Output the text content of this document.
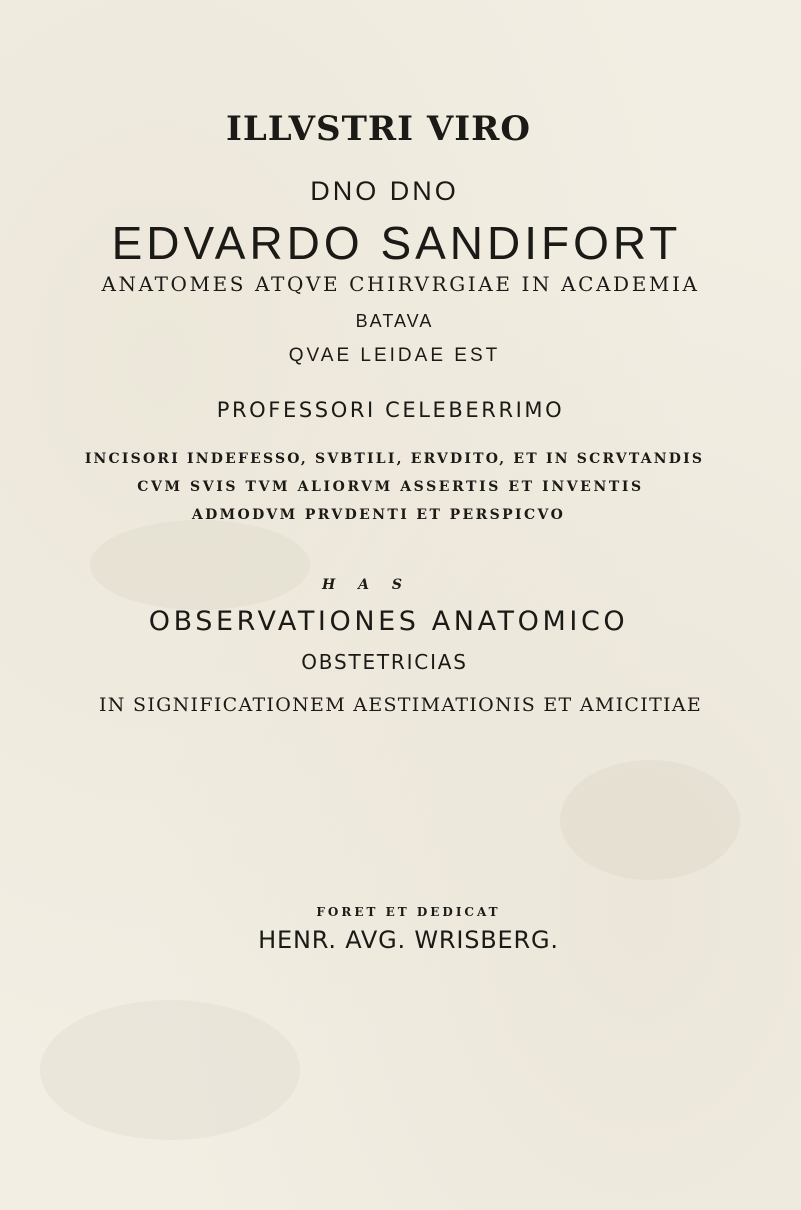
ILLVSTRI VIRO
DNO DNO
EDVARDO SANDIFORT
ANATOMES ATQVE CHIRVRGIAE IN ACADEMIA
BATAVA
QVAE LEIDAE EST
PROFESSORI CELEBERRIMO
INCISORI INDEFESSO, SVBTILI, ERVDITO, ET IN SCRVTANDIS
CVM SVIS TVM ALIORVM ASSERTIS ET INVENTIS
ADMODVM PRVDENTI ET PERSPICVO
H A S
OBSERVATIONES ANATOMICO
OBSTETRICIAS
IN SIGNIFICATIONEM AESTIMATIONIS ET AMICITIAE
FORET ET DEDICAT
HENR. AVG. WRISBERG.
